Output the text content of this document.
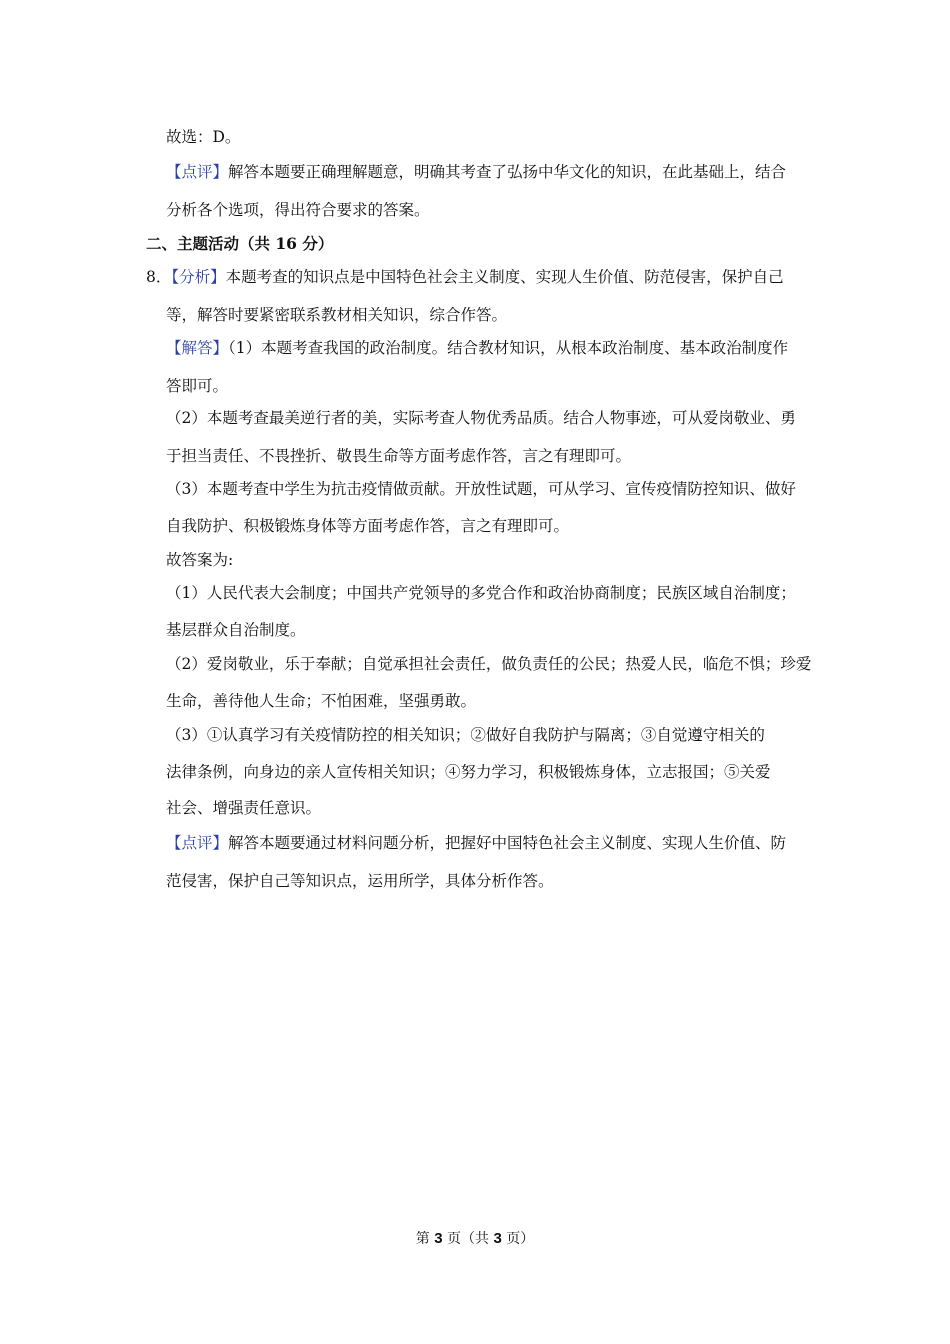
故选：D。
【点评】解答本题要正确理解题意，明确其考查了弘扬中华文化的知识，在此基础上，结合
分析各个选项，得出符合要求的答案。
二、主题活动（共 16 分）
8．【分析】本题考查的知识点是中国特色社会主义制度、实现人生价值、防范侵害，保护自己
等，解答时要紧密联系教材相关知识，综合作答。
【解答】（1）本题考查我国的政治制度。结合教材知识，从根本政治制度、基本政治制度作
答即可。
（2）本题考查最美逆行者的美，实际考查人物优秀品质。结合人物事迹，可从爱岗敬业、勇
于担当责任、不畏挫折、敬畏生命等方面考虑作答，言之有理即可。
（3）本题考查中学生为抗击疫情做贡献。开放性试题，可从学习、宣传疫情防控知识、做好
自我防护、积极锻炼身体等方面考虑作答，言之有理即可。
故答案为:
（1）人民代表大会制度；中国共产党领导的多党合作和政治协商制度；民族区域自治制度；
基层群众自治制度。
（2）爱岗敬业，乐于奉献；自觉承担社会责任，做负责任的公民；热爱人民，临危不惧；珍爱
生命，善待他人生命；不怕困难，坚强勇敢。
（3）①认真学习有关疫情防控的相关知识；②做好自我防护与隔离；③自觉遵守相关的
法律条例，向身边的亲人宣传相关知识；④努力学习，积极锻炼身体，立志报国；⑤关爱
社会、增强责任意识。
【点评】解答本题要通过材料问题分析，把握好中国特色社会主义制度、实现人生价值、防
范侵害，保护自己等知识点，运用所学，具体分析作答。
第 3 页（共 3 页）
